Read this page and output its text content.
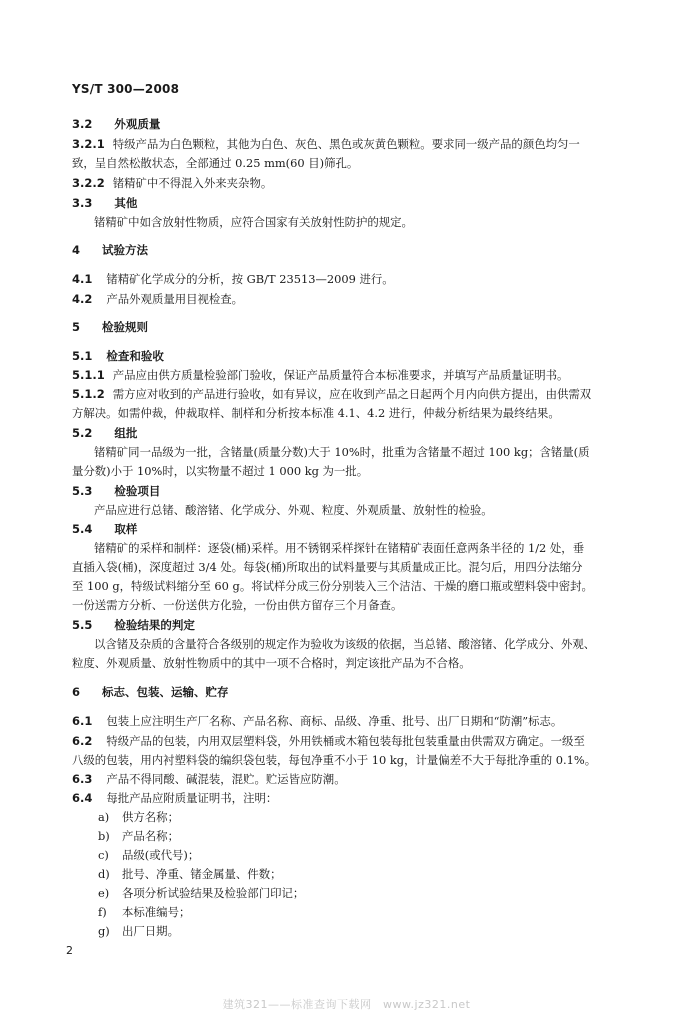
YS/T 300—2008
3.2 外观质量
3.2.1 特级产品为白色颗粒，其他为白色、灰色、黑色或灰黄色颗粒。要求同一级产品的颜色均匀一
致，呈自然松散状态，全部通过 0.25 mm(60 目)筛孔。
3.2.2 锗精矿中不得混入外来夹杂物。
3.3 其他
锗精矿中如含放射性物质，应符合国家有关放射性防护的规定。
4 试验方法
4.1 锗精矿化学成分的分析，按 GB/T 23513—2009 进行。
4.2 产品外观质量用目视检查。
5 检验规则
5.1 检查和验收
5.1.1 产品应由供方质量检验部门验收，保证产品质量符合本标准要求，并填写产品质量证明书。
5.1.2 需方应对收到的产品进行验收，如有异议，应在收到产品之日起两个月内向供方提出，由供需双
方解决。如需仲裁，仲裁取样、制样和分析按本标准 4.1、4.2 进行，仲裁分析结果为最终结果。
5.2 组批
锗精矿同一品级为一批，含锗量(质量分数)大于 10%时，批重为含锗量不超过 100 kg；含锗量(质
量分数)小于 10%时，以实物量不超过 1 000 kg 为一批。
5.3 检验项目
产品应进行总锗、酸溶锗、化学成分、外观、粒度、外观质量、放射性的检验。
5.4 取样
锗精矿的采样和制样：逐袋(桶)采样。用不锈钢采样探针在锗精矿表面任意两条半径的 1/2 处，垂
直插入袋(桶)，深度超过 3/4 处。每袋(桶)所取出的试料量要与其质量成正比。混匀后，用四分法缩分
至 100 g，特级试料缩分至 60 g。将试样分成三份分别装入三个洁洁、干燥的磨口瓶或塑料袋中密封。
一份送需方分析、一份送供方化验，一份由供方留存三个月备查。
5.5 检验结果的判定
以含锗及杂质的含量符合各级别的规定作为验收为该级的依据，当总锗、酸溶锗、化学成分、外观、
粒度、外观质量、放射性物质中的其中一项不合格时，判定该批产品为不合格。
6 标志、包装、运输、贮存
6.1 包装上应注明生产厂名称、产品名称、商标、品级、净重、批号、出厂日期和“防潮”标志。
6.2 特级产品的包装，内用双层塑料袋，外用铁桶或木箱包装每批包装重量由供需双方确定。一级至
八级的包装，用内衬塑料袋的编织袋包装，每包净重不小于 10 kg，计量偏差不大于每批净重的 0.1%。
6.3 产品不得同酸、碱混装，混贮。贮运皆应防潮。
6.4 每批产品应附质量证明书，注明：
a) 供方名称；
b) 产品名称；
c) 品级(或代号)；
d) 批号、净重、锗金属量、件数；
e) 各项分析试验结果及检验部门印记；
f) 本标准编号；
g) 出厂日期。
2
建筑321——标准查询下载网　www.jz321.net
